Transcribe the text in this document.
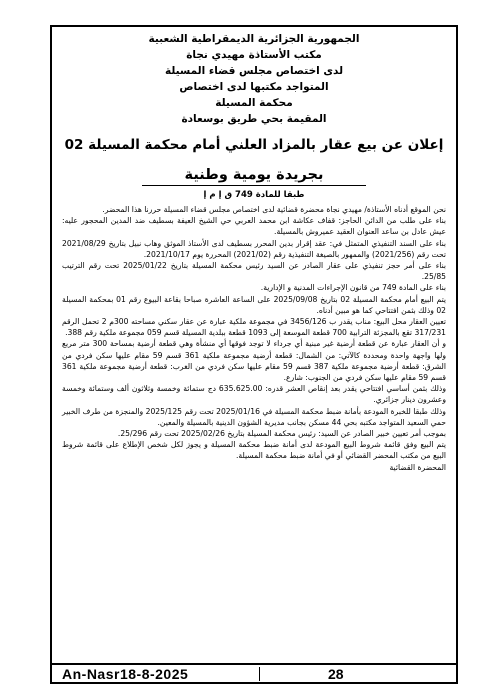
الجمهورية الجزائرية الديمقراطية الشعبية
مكتب الأستاذة مهيدي نجاة
لدى اختصاص مجلس قضاء المسيلة
المتواجد مكتبها لدى اختصاص
محكمة المسيلة
المقيمة بحي طريق بوسعادة
إعلان عن بيع عقار بالمزاد العلني أمام محكمة المسيلة 02
بجريدة يومية وطنية
طبقا للمادة 749 ق إ م إ

نحن الموقع أدناه الأستاذة/ مهيدي نجاة محضرة قضائية لدى اختصاص مجلس قضاء المسيلة حررنا هذا المحضر.

بناء على طلب من الدائن الحاجز: قفاف عكاشة ابن محمد العربي حي الشيخ العيفة بسطيف ضد المدين المحجور عليه: عيش عادل بن ساعد العنوان العقيد عميروش بالمسيلة.

بناء على السند التنفيذي المتمثل في: عقد إقرار بدين المحرر بسطيف لدى الأستاذ الموثق وهاب نبيل بتاريخ 2021/08/29 تحت رقم (2021/256) والممهور بالصيغة التنفيذية رقم (2021/02) المحررة يوم 2021/10/17.

بناء على أمر حجز تنفيذي على عقار الصادر عن السيد رئيس محكمة المسيلة بتاريخ 2025/01/22 تحت رقم الترتيب 25/85.

بناء على المادة 749 من قانون الإجراءات المدنية و الإدارية.

يتم البيع أمام محكمة المسيلة 02 بتاريخ 2025/09/08 على الساعة العاشرة صباحا بقاعة البيوع رقم 01 بمحكمة المسيلة 02 وذلك بثمن افتتاحي كما هو مبين أدناه.

تعيين العقار محل البيع: مناب يقدر ب 3456/126 في مجموعة ملكية عبارة عن عقار سكني مساحته 300م 2 تحمل الرقم 317/231 تقع بالمجزئة الترابية 700 قطعة الموسعة إلى 1093 قطعة ببلدية المسيلة قسم 059 مجموعة ملكية رقم 388.

و أن العقار عبارة عن قطعة أرضية غير مبنية أي جرداء لا توجد فوقها أي منشأة وهي قطعة أرضية بمساحة 300 متر مربع ولها واجهة واحدة ومحددة كالآتي: من الشمال: قطعة أرضية مجموعة ملكية 361 قسم 59 مقام عليها سكن فردي من الشرق: قطعة أرضية مجموعة ملكية 387 قسم 59 مقام عليها سكن فردي من الغرب: قطعة أرضية مجموعة ملكية 361 قسم 59 مقام عليها سكن فردي من الجنوب: شارع.

وذلك بثمن أساسي افتتاحي يقدر بعد إنقاص العشر قدره: 635.625.00 دج ستمائة وخمسة وثلاثون ألف وستمائة وخمسة وعشرون دينار جزائري.

وذلك طبقا للخبرة المودعة بأمانة ضبط محكمة المسيلة في 2025/01/16 تحت رقم 2025/125 والمنجزة من طرف الخبير حمي السعيد المتواجد مكتبه بحي 44 مسكن بجانب مديرية الشؤون الدينية بالمسيلة والمعين.

بموجب أمر تعيين خبير الصادر عن السيد: رئيس محكمة المسيلة بتاريخ 2025/02/26 تحت رقم 25/296.

يتم البيع وفق قائمة شروط البيع المودعة لدى أمانة ضبط محكمة المسيلة و يجوز لكل شخص الإطلاع على قائمة شروط البيع من مكتب المحضر القضائي أو في أمانة ضبط محكمة المسيلة.

المحضرة القضائية

An-Nasr18-8-2025	28
